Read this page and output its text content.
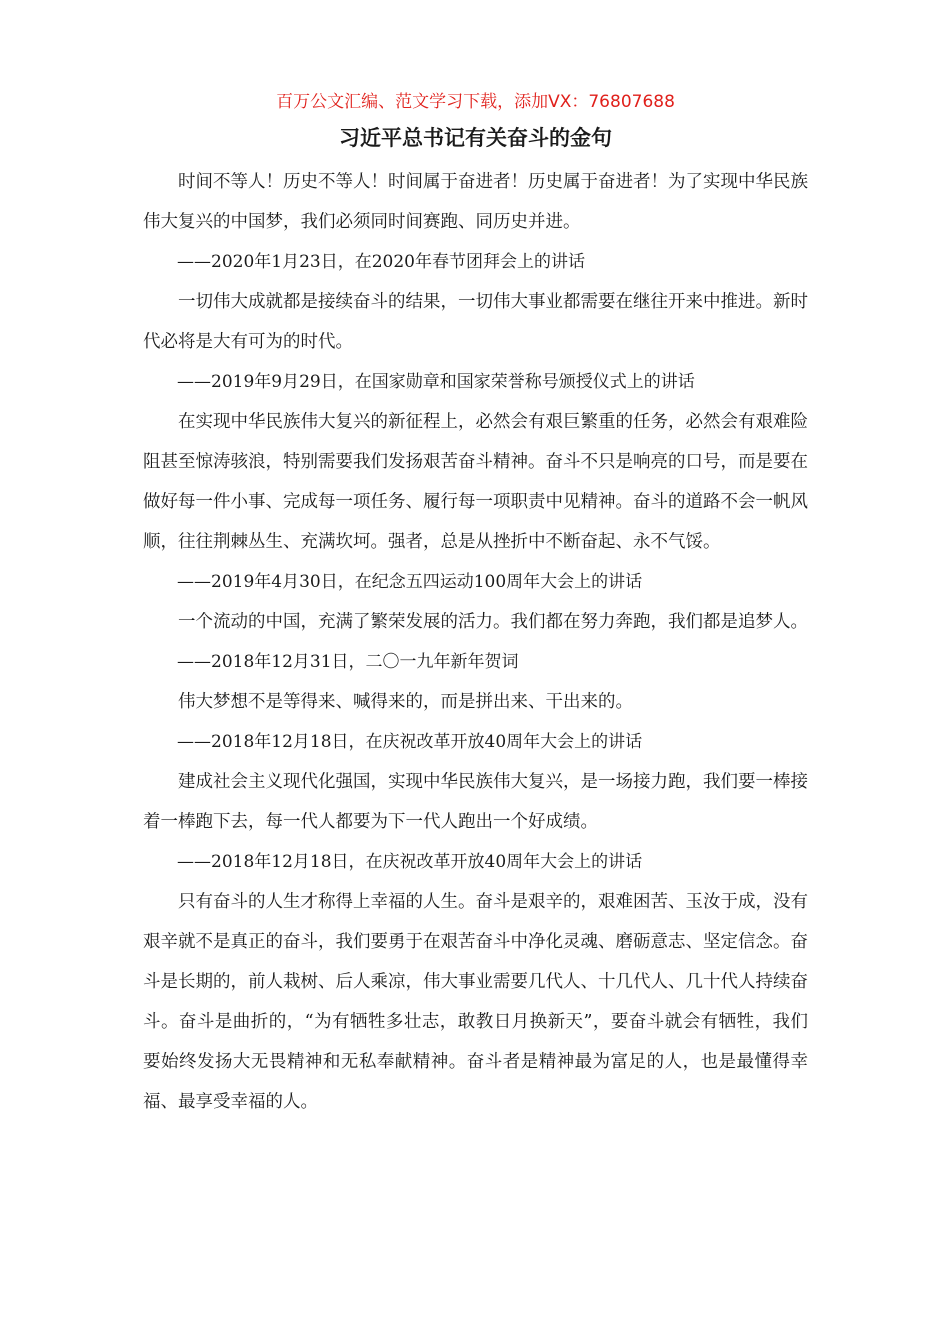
百万公文汇编、范文学习下载，添加VX：76807688
习近平总书记有关奋斗的金句

时间不等人！历史不等人！时间属于奋进者！历史属于奋进者！为了实现中华民族伟大复兴的中国梦，我们必须同时间赛跑、同历史并进。

——2020年1月23日，在2020年春节团拜会上的讲话

一切伟大成就都是接续奋斗的结果，一切伟大事业都需要在继往开来中推进。新时代必将是大有可为的时代。

——2019年9月29日，在国家勋章和国家荣誉称号颁授仪式上的讲话

在实现中华民族伟大复兴的新征程上，必然会有艰巨繁重的任务，必然会有艰难险阻甚至惊涛骇浪，特别需要我们发扬艰苦奋斗精神。奋斗不只是响亮的口号，而是要在做好每一件小事、完成每一项任务、履行每一项职责中见精神。奋斗的道路不会一帆风顺，往往荆棘丛生、充满坎坷。强者，总是从挫折中不断奋起、永不气馁。

——2019年4月30日，在纪念五四运动100周年大会上的讲话

一个流动的中国，充满了繁荣发展的活力。我们都在努力奔跑，我们都是追梦人。

——2018年12月31日，二〇一九年新年贺词

伟大梦想不是等得来、喊得来的，而是拼出来、干出来的。

——2018年12月18日，在庆祝改革开放40周年大会上的讲话

建成社会主义现代化强国，实现中华民族伟大复兴，是一场接力跑，我们要一棒接着一棒跑下去，每一代人都要为下一代人跑出一个好成绩。

——2018年12月18日，在庆祝改革开放40周年大会上的讲话

只有奋斗的人生才称得上幸福的人生。奋斗是艰辛的，艰难困苦、玉汝于成，没有艰辛就不是真正的奋斗，我们要勇于在艰苦奋斗中净化灵魂、磨砺意志、坚定信念。奋斗是长期的，前人栽树、后人乘凉，伟大事业需要几代人、十几代人、几十代人持续奋斗。奋斗是曲折的，“为有牺牲多壮志，敢教日月换新天”，要奋斗就会有牺牲，我们要始终发扬大无畏精神和无私奉献精神。奋斗者是精神最为富足的人，也是最懂得幸福、最享受幸福的人。
